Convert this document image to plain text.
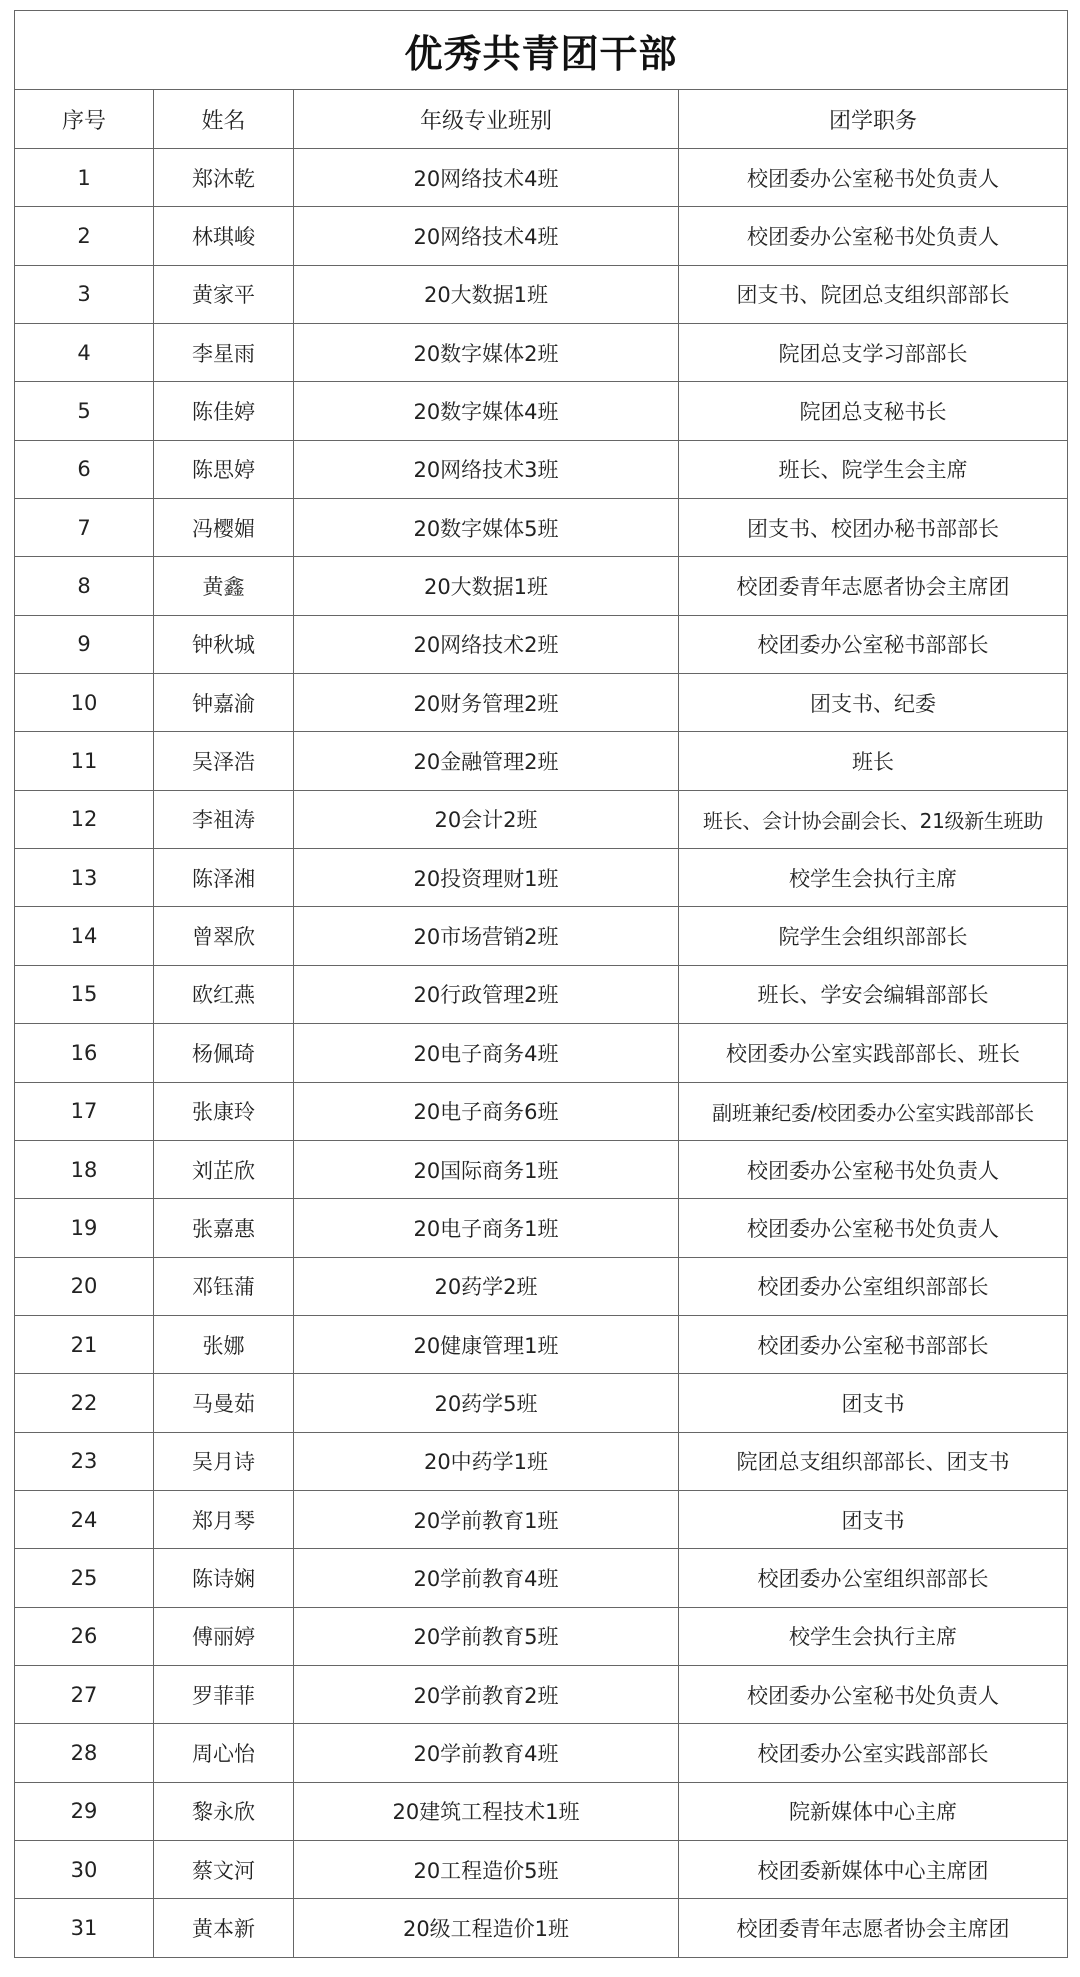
优秀共青团干部			
序号	姓名	年级专业班别	团学职务
1	郑沐乾	20网络技术4班	校团委办公室秘书处负责人
2	林琪峻	20网络技术4班	校团委办公室秘书处负责人
3	黄家平	20大数据1班	团支书、院团总支组织部部长
4	李星雨	20数字媒体2班	院团总支学习部部长
5	陈佳婷	20数字媒体4班	院团总支秘书长
6	陈思婷	20网络技术3班	班长、院学生会主席
7	冯樱媚	20数字媒体5班	团支书、校团办秘书部部长
8	黄鑫	20大数据1班	校团委青年志愿者协会主席团
9	钟秋城	20网络技术2班	校团委办公室秘书部部长
10	钟嘉渝	20财务管理2班	团支书、纪委
11	吴泽浩	20金融管理2班	班长
12	李祖涛	20会计2班	班长、会计协会副会长、21级新生班助
13	陈泽湘	20投资理财1班	校学生会执行主席
14	曾翠欣	20市场营销2班	院学生会组织部部长
15	欧红燕	20行政管理2班	班长、学安会编辑部部长
16	杨佩琦	20电子商务4班	校团委办公室实践部部长、班长
17	张康玲	20电子商务6班	副班兼纪委/校团委办公室实践部部长
18	刘芷欣	20国际商务1班	校团委办公室秘书处负责人
19	张嘉惠	20电子商务1班	校团委办公室秘书处负责人
20	邓钰蒲	20药学2班	校团委办公室组织部部长
21	张娜	20健康管理1班	校团委办公室秘书部部长
22	马曼茹	20药学5班	团支书
23	吴月诗	20中药学1班	院团总支组织部部长、团支书
24	郑月琴	20学前教育1班	团支书
25	陈诗娴	20学前教育4班	校团委办公室组织部部长
26	傅丽婷	20学前教育5班	校学生会执行主席
27	罗菲菲	20学前教育2班	校团委办公室秘书处负责人
28	周心怡	20学前教育4班	校团委办公室实践部部长
29	黎永欣	20建筑工程技术1班	院新媒体中心主席
30	蔡文河	20工程造价5班	校团委新媒体中心主席团
31	黄本新	20级工程造价1班	校团委青年志愿者协会主席团
